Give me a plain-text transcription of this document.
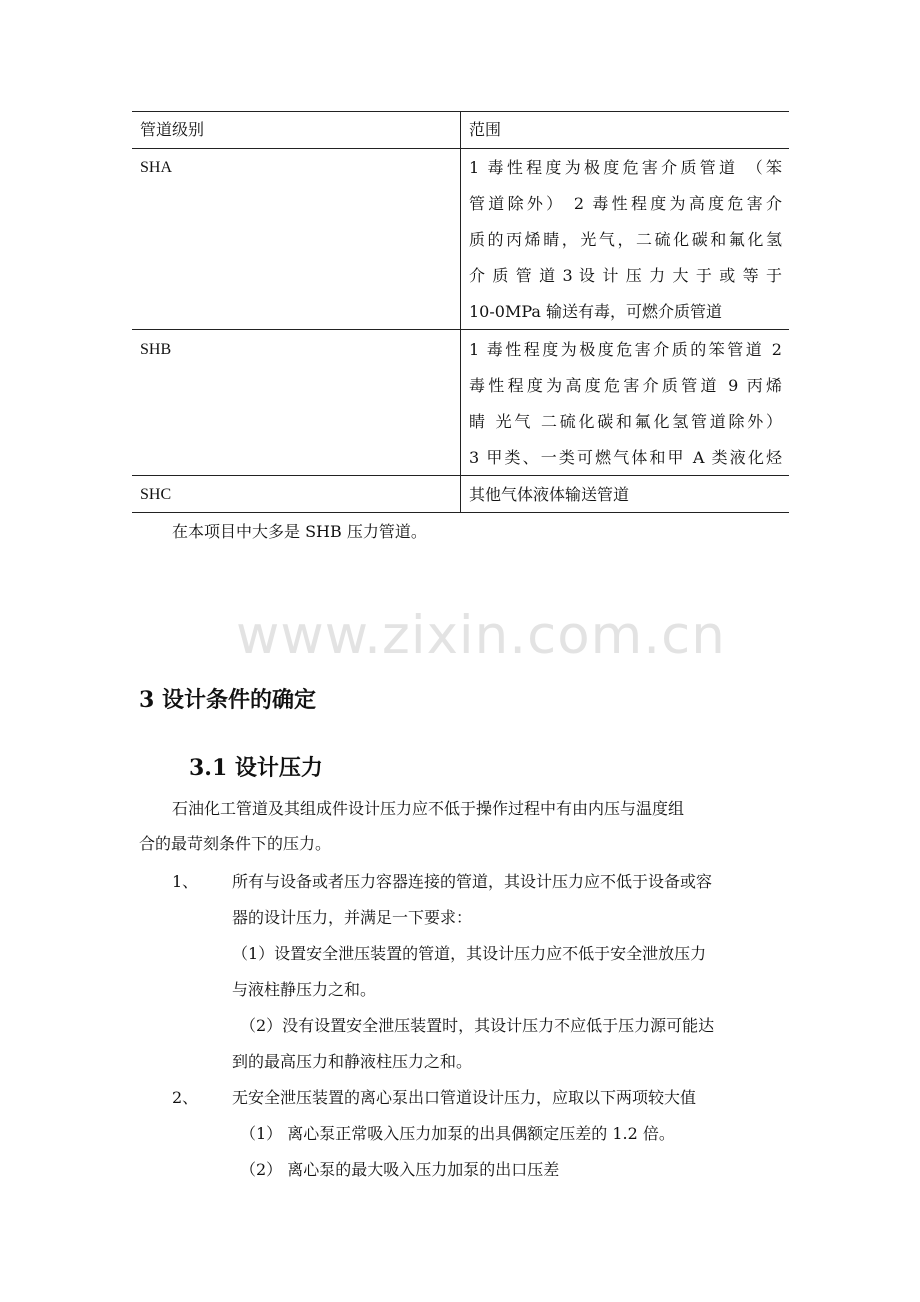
管道级别	范围
SHA	1 毒性程度为极度危害介质管道 （笨
管道除外） 2 毒性程度为高度危害介
质的丙烯睛，光气，二硫化碳和氟化氢
介 质 管 道 3 设 计 压 力 大 于 或 等 于
10-0MPa 输送有毒，可燃介质管道
SHB	1 毒性程度为极度危害介质的笨管道 2
毒性程度为高度危害介质管道 9 丙烯
睛 光气 二硫化碳和氟化氢管道除外）
3 甲类、一类可燃气体和甲 A 类液化烃
SHC	其他气体液体输送管道
在本项目中大多是 SHB 压力管道。
www.zixin.com.cn
3 设计条件的确定
3.1 设计压力
石油化工管道及其组成件设计压力应不低于操作过程中有由内压与温度组
合的最苛刻条件下的压力。
1、 所有与设备或者压力容器连接的管道，其设计压力应不低于设备或容
器的设计压力，并满足一下要求：
（1）设置安全泄压装置的管道，其设计压力应不低于安全泄放压力
与液柱静压力之和。
（2）没有设置安全泄压装置时，其设计压力不应低于压力源可能达
到的最高压力和静液柱压力之和。
2、 无安全泄压装置的离心泵出口管道设计压力，应取以下两项较大值
（1） 离心泵正常吸入压力加泵的出具偶额定压差的 1.2 倍。
（2） 离心泵的最大吸入压力加泵的出口压差
